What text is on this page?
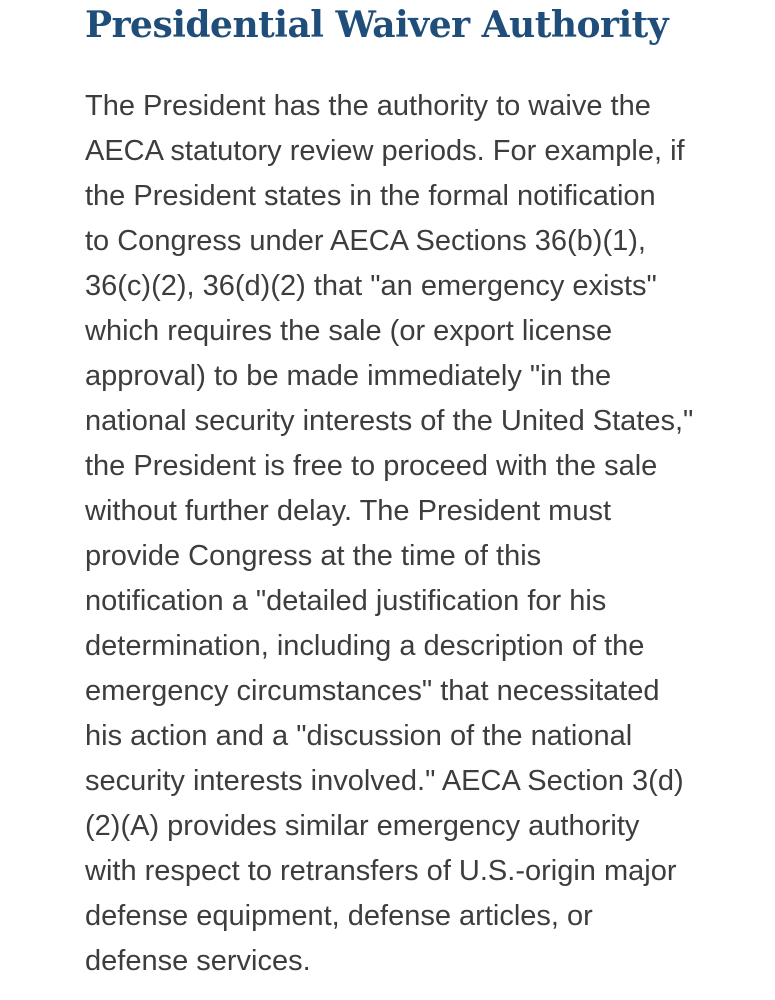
Presidential Waiver Authority
The President has the authority to waive the
AECA statutory review periods. For example, if
the President states in the formal notification
to Congress under AECA Sections 36(b)(1),
36(c)(2), 36(d)(2) that "an emergency exists"
which requires the sale (or export license
approval) to be made immediately "in the
national security interests of the United States,"
the President is free to proceed with the sale
without further delay. The President must
provide Congress at the time of this
notification a "detailed justification for his
determination, including a description of the
emergency circumstances" that necessitated
his action and a "discussion of the national
security interests involved." AECA Section 3(d)
(2)(A) provides similar emergency authority
with respect to retransfers of U.S.-origin major
defense equipment, defense articles, or
defense services.
